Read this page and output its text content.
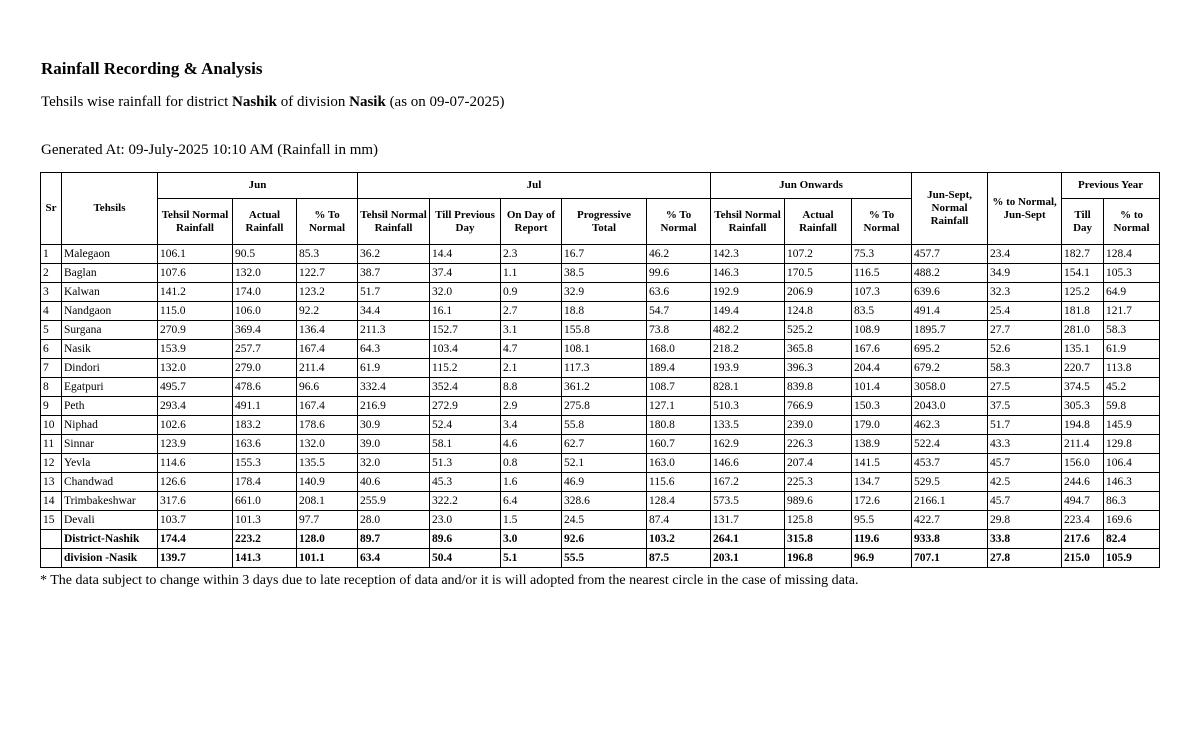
Rainfall Recording & Analysis
Tehsils wise rainfall for district Nashik of division Nasik (as on 09-07-2025)
Generated At: 09-July-2025 10:10 AM (Rainfall in mm)
Sr	Tehsils	Jun			Jul					Jun Onwards			Jun-Sept, Normal Rainfall	% to Normal, Jun-Sept	Previous Year	
		Tehsil Normal Rainfall	Actual Rainfall	% To Normal	Tehsil Normal Rainfall	Till Previous Day	On Day of Report	Progressive Total	% To Normal	Tehsil Normal Rainfall	Actual Rainfall	% To Normal			Till Day	% to Normal
1	Malegaon	106.1	90.5	85.3	36.2	14.4	2.3	16.7	46.2	142.3	107.2	75.3	457.7	23.4	182.7	128.4
2	Baglan	107.6	132.0	122.7	38.7	37.4	1.1	38.5	99.6	146.3	170.5	116.5	488.2	34.9	154.1	105.3
3	Kalwan	141.2	174.0	123.2	51.7	32.0	0.9	32.9	63.6	192.9	206.9	107.3	639.6	32.3	125.2	64.9
4	Nandgaon	115.0	106.0	92.2	34.4	16.1	2.7	18.8	54.7	149.4	124.8	83.5	491.4	25.4	181.8	121.7
5	Surgana	270.9	369.4	136.4	211.3	152.7	3.1	155.8	73.8	482.2	525.2	108.9	1895.7	27.7	281.0	58.3
6	Nasik	153.9	257.7	167.4	64.3	103.4	4.7	108.1	168.0	218.2	365.8	167.6	695.2	52.6	135.1	61.9
7	Dindori	132.0	279.0	211.4	61.9	115.2	2.1	117.3	189.4	193.9	396.3	204.4	679.2	58.3	220.7	113.8
8	Egatpuri	495.7	478.6	96.6	332.4	352.4	8.8	361.2	108.7	828.1	839.8	101.4	3058.0	27.5	374.5	45.2
9	Peth	293.4	491.1	167.4	216.9	272.9	2.9	275.8	127.1	510.3	766.9	150.3	2043.0	37.5	305.3	59.8
10	Niphad	102.6	183.2	178.6	30.9	52.4	3.4	55.8	180.8	133.5	239.0	179.0	462.3	51.7	194.8	145.9
11	Sinnar	123.9	163.6	132.0	39.0	58.1	4.6	62.7	160.7	162.9	226.3	138.9	522.4	43.3	211.4	129.8
12	Yevla	114.6	155.3	135.5	32.0	51.3	0.8	52.1	163.0	146.6	207.4	141.5	453.7	45.7	156.0	106.4
13	Chandwad	126.6	178.4	140.9	40.6	45.3	1.6	46.9	115.6	167.2	225.3	134.7	529.5	42.5	244.6	146.3
14	Trimbakeshwar	317.6	661.0	208.1	255.9	322.2	6.4	328.6	128.4	573.5	989.6	172.6	2166.1	45.7	494.7	86.3
15	Devali	103.7	101.3	97.7	28.0	23.0	1.5	24.5	87.4	131.7	125.8	95.5	422.7	29.8	223.4	169.6
	District-Nashik	174.4	223.2	128.0	89.7	89.6	3.0	92.6	103.2	264.1	315.8	119.6	933.8	33.8	217.6	82.4
	division -Nasik	139.7	141.3	101.1	63.4	50.4	5.1	55.5	87.5	203.1	196.8	96.9	707.1	27.8	215.0	105.9
* The data subject to change within 3 days due to late reception of data and/or it is will adopted from the nearest circle in the case of missing data.
